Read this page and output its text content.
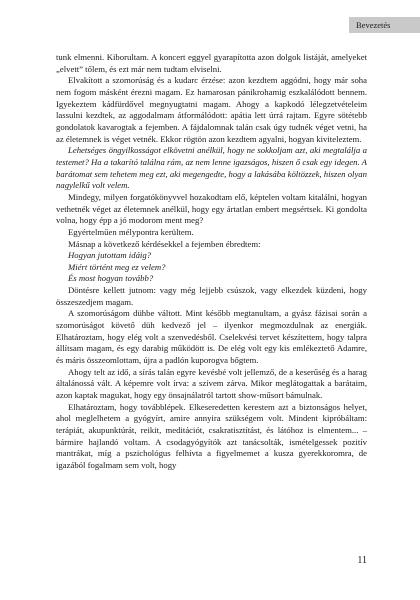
Bevezetés

tunk elmenni. Kiborultam. A koncert eggyel gyarapította azon dolgok listáját, amelyeket „elvett” tőlem, és ezt már nem tudtam elviselni.

Elvakított a szomorúság és a kudarc érzése: azon kezdtem aggódni, hogy már soha nem fogom másként érezni magam. Ez hamarosan pánikrohamig eszkalálódott bennem. Igyekeztem kádfürdővel megnyugtatni magam. Ahogy a kapkodó lélegzetvételeim lassulni kezdtek, az aggodalmam átformálódott: apátia lett úrrá rajtam. Egyre sötétebb gondolatok kavarogtak a fejemben. A fájdalomnak talán csak úgy tudnék véget vetni, ha az életemnek is véget vetnék. Ekkor rögtön azon kezdtem agyalni, hogyan kiviteleztem.

Lehetséges öngyilkosságot elkövetni anélkül, hogy ne sokkoljam azt, aki megtalálja a testemet? Ha a takarító találna rám, az nem lenne igazságos, hiszen ő csak egy idegen. A barátomat sem tehetem meg ezt, aki megengedte, hogy a lakásába költözzek, hiszen olyan nagylelkű volt velem.

Mindegy, milyen forgatókönyvvel hozakodtam elő, képtelen voltam kitalálni, hogyan vethetnék véget az életemnek anélkül, hogy egy ártatlan embert megsértsek. Ki gondolta volna, hogy épp a jó modorom ment meg?

Egyértelműen mélypontra kerültem.

Másnap a következő kérdésekkel a fejemben ébredtem:

Hogyan jutottam idáig?

Miért történt meg ez velem?

És most hogyan tovább?

Döntésre kellett jutnom: vagy még lejjebb csúszok, vagy elkezdek küzdeni, hogy összeszedjem magam.

A szomorúságom dühbe váltott. Mint később megtanultam, a gyász fázisai során a szomorúságot követő düh kedvező jel – ilyenkor megmozdulnak az energiák. Elhatároztam, hogy elég volt a szenvedésből. Cselekvési tervet készítettem, hogy talpra állítsam magam, és egy darabig működött is. De elég volt egy kis emlékeztető Adamre, és máris összeomlottam, újra a padlón kuporogva bőgtem.

Ahogy telt az idő, a sírás talán egyre kevésbé volt jellemző, de a keserűség és a harag általánossá vált. A képemre volt írva: a szívem zárva. Mikor meglátogattak a barátaim, azon kaptak magukat, hogy egy önsajnálatról tartott show-műsort bámulnak.

Elhatároztam, hogy továbblépek. Elkeseredetten kerestem azt a biztonságos helyet, ahol meglelhetem a gyógyírt, amire annyira szükségem volt. Mindent kipróbáltam: terápiát, akupunktúrát, reikit, meditációt, csakratisztítást, és látóhoz is elmentem... – bármire hajlandó voltam. A csodagyógyítók azt tanácsolták, ismételgessek pozitív mantrákat, míg a pszichológus felhívta a figyelmemet a kusza gyerekkoromra, de igazából fogalmam sem volt, hogy

11
